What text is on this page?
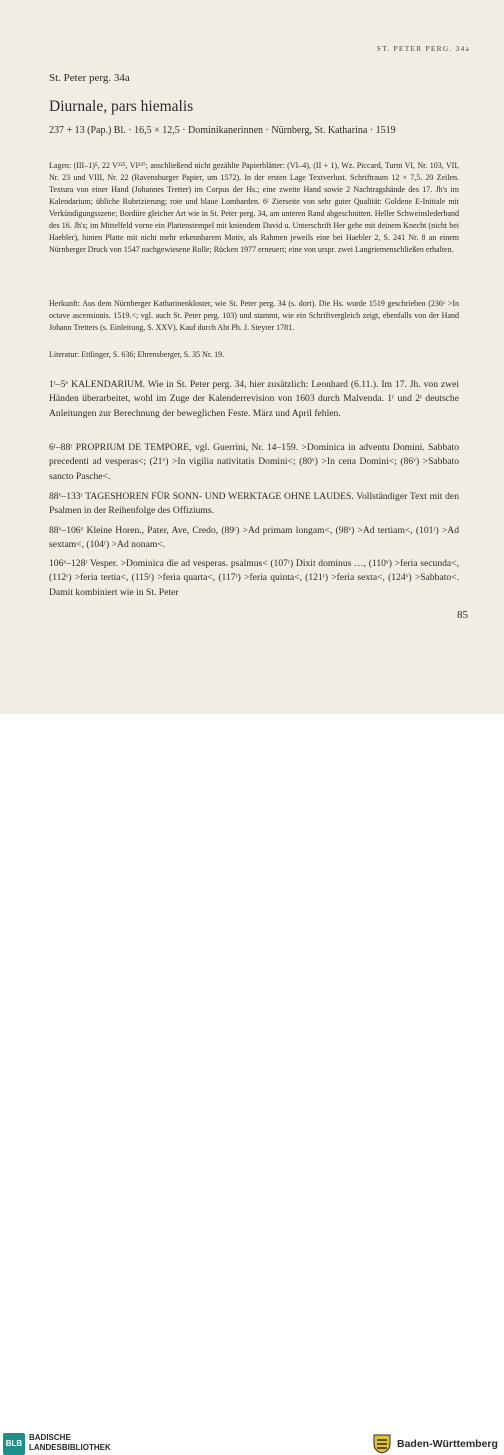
ST. PETER PERG. 34a
St. Peter perg. 34a
Diurnale, pars hiemalis
237 + 13 (Pap.) Bl. · 16,5 × 12,5 · Dominikanerinnen · Nürnberg, St. Katharina · 1519

Lagen: (III–1)⁵, 22 V²²⁵, VI²³⁷; anschließend nicht gezählte Papierblätter: (VI–4), (II + 1), Wz. Piccard, Turm VI, Nr. 103, VII, Nr. 23 und VIII, Nr. 22 (Ravensburger Papier, um 1572). In der ersten Lage Textverlust. Schriftraum 12 × 7,5. 20 Zeilen. Textura von einer Hand (Johannes Tretter) im Corpus der Hs.; eine zweite Hand sowie 2 Nachtragshände des 17. Jh's im Kalendarium; übliche Rubrizierung; rote und blaue Lombarden. 6ʳ Zierseite von sehr guter Qualität: Goldene E-Initiale mit Verkündigungsszene; Bordüre gleicher Art wie in St. Peter perg. 34, am unteren Rand abgeschnitten. Heller Schweinslederband des 16. Jh's; im Mittelfeld vorne ein Plattenstempel mit kniendem David u. Unterschrift Her gehe mit deinem Knecht (nicht bei Haebler), hinten Platte mit nicht mehr erkennbarem Motiv, als Rahmen jeweils eine bei Haebler 2, S. 241 Nr. 8 an einem Nürnberger Druck von 1547 nachgewiesene Rolle; Rücken 1977 erneuert; eine von urspr. zwei Langriemenschließen erhalten.

Herkunft: Aus dem Nürnberger Katharinenkloster, wie St. Peter perg. 34 (s. dort). Die Hs. wurde 1519 geschrieben (236ᵛ >In octave ascensionis. 1519.<; vgl. auch St. Peter perg. 103) und stammt, wie ein Schriftvergleich zeigt, ebenfalls von der Hand Johann Tretters (s. Einleitung, S. XXV). Kauf durch Abt Ph. J. Steyrer 1781.

Literatur: Ettlinger, S. 636; Ehrensberger, S. 35 Nr. 19.

1ʳ–5ᵛ KALENDARIUM. Wie in St. Peter perg. 34, hier zusätzlich: Leonhard (6.11.). Im 17. Jh. von zwei Händen überarbeitet, wohl im Zuge der Kalenderrevision von 1603 durch Malvenda. 1ʳ und 2ʳ deutsche Anleitungen zur Berechnung der beweglichen Feste. März und April fehlen.

6ʳ–88ʳ PROPRIUM DE TEMPORE, vgl. Guerrini, Nr. 14–159. >Dominica in adventu Domini. Sabbato precedenti ad vesperas<; (21ᵛ) >In vigilia nativitatis Domini<; (80ᵛ) >In cena Domini<; (86ᵛ) >Sabbato sancto Pasche<.

88ᵛ–133ʳ TAGESHOREN FÜR SONN- UND WERKTAGE OHNE LAUDES. Vollständiger Text mit den Psalmen in der Reihenfolge des Offiziums.

88ᵛ–106ᵛ Kleine Horen., Pater, Ave, Credo, (89ʳ) >Ad primam longam<, (98ᵛ) >Ad tertiam<, (101ʳ) >Ad sextam<, (104ʳ) >Ad nonam<.

106ᵛ–128ʳ Vesper. >Dominica die ad vesperas. psalmus< (107ʳ) Dixit dominus …, (110ᵛ) >feria secunda<, (112ʳ) >feria tertia<, (115ʳ) >feria quarta<, (117ʳ) >feria quinta<, (121ʳ) >feria sexta<, (124ᵛ) >Sabbato<. Damit kombiniert wie in St. Peter

85
BLB
BADISCHE
LANDESBIBLIOTHEK	Baden-Württemberg
